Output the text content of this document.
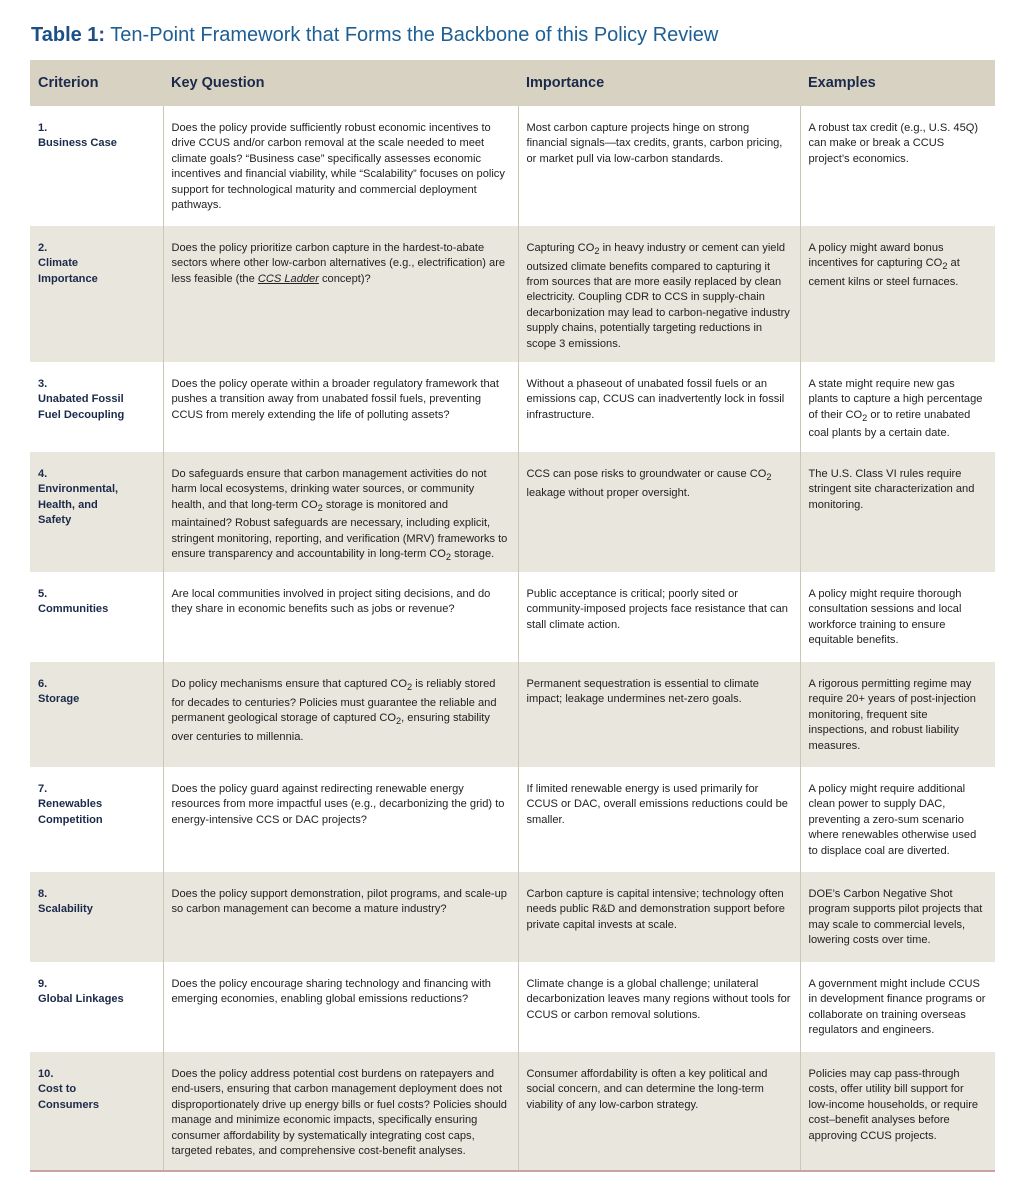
Table 1: Ten-Point Framework that Forms the Backbone of this Policy Review
Criterion	Key Question	Importance	Examples
1.Business Case	Does the policy provide sufficiently robust economic incentives to drive CCUS and/or carbon removal at the scale needed to meet climate goals? “Business case” specifically assesses economic incentives and financial viability, while “Scalability” focuses on policy support for technological maturity and commercial deployment pathways.	Most carbon capture projects hinge on strong financial signals—tax credits, grants, carbon pricing, or market pull via low-carbon standards.	A robust tax credit (e.g., U.S. 45Q) can make or break a CCUS project’s economics.
2.Climate Importance	Does the policy prioritize carbon capture in the hardest-to-abate sectors where other low-carbon alternatives (e.g., electrification) are less feasible (the CCS Ladder concept)?	Capturing $CO_2$ in heavy industry or cement can yield outsized climate benefits compared to capturing it from sources that are more easily replaced by clean electricity. Coupling CDR to CCS in supply-chain decarbonization may lead to carbon-negative industry supply chains, potentially targeting reductions in scope 3 emissions.	A policy might award bonus incentives for capturing $CO_2$ at cement kilns or steel furnaces.
3.Unabated Fossil Fuel Decoupling	Does the policy operate within a broader regulatory framework that pushes a transition away from unabated fossil fuels, preventing CCUS from merely extending the life of polluting assets?	Without a phaseout of unabated fossil fuels or an emissions cap, CCUS can inadvertently lock in fossil infrastructure.	A state might require new gas plants to capture a high percentage of their $CO_2$ or to retire unabated coal plants by a certain date.
4.Environmental, Health, and Safety	Do safeguards ensure that carbon management activities do not harm local ecosystems, drinking water sources, or community health, and that long-term $CO_2$ storage is monitored and maintained? Robust safeguards are necessary, including explicit, stringent monitoring, reporting, and verification (MRV) frameworks to ensure transparency and accountability in long-term $CO_2$ storage.	CCS can pose risks to groundwater or cause $CO_2$ leakage without proper oversight.	The U.S. Class VI rules require stringent site characterization and monitoring.
5.Communities	Are local communities involved in project siting decisions, and do they share in economic benefits such as jobs or revenue?	Public acceptance is critical; poorly sited or community-imposed projects face resistance that can stall climate action.	A policy might require thorough consultation sessions and local workforce training to ensure equitable benefits.
6.Storage	Do policy mechanisms ensure that captured $CO_2$ is reliably stored for decades to centuries? Policies must guarantee the reliable and permanent geological storage of captured $CO_2$, ensuring stability over centuries to millennia.	Permanent sequestration is essential to climate impact; leakage undermines net-zero goals.	A rigorous permitting regime may require 20+ years of post-injection monitoring, frequent site inspections, and robust liability measures.
7.Renewables Competition	Does the policy guard against redirecting renewable energy resources from more impactful uses (e.g., decarbonizing the grid) to energy-intensive CCS or DAC projects?	If limited renewable energy is used primarily for CCUS or DAC, overall emissions reductions could be smaller.	A policy might require additional clean power to supply DAC, preventing a zero-sum scenario where renewables otherwise used to displace coal are diverted.
8.Scalability	Does the policy support demonstration, pilot programs, and scale-up so carbon management can become a mature industry?	Carbon capture is capital intensive; technology often needs public R&D and demonstration support before private capital invests at scale.	DOE’s Carbon Negative Shot program supports pilot projects that may scale to commercial levels, lowering costs over time.
9.Global Linkages	Does the policy encourage sharing technology and financing with emerging economies, enabling global emissions reductions?	Climate change is a global challenge; unilateral decarbonization leaves many regions without tools for CCUS or carbon removal solutions.	A government might include CCUS in development finance programs or collaborate on training overseas regulators and engineers.
10.Cost to Consumers	Does the policy address potential cost burdens on ratepayers and end-users, ensuring that carbon management deployment does not disproportionately drive up energy bills or fuel costs? Policies should manage and minimize economic impacts, specifically ensuring consumer affordability by systematically integrating cost caps, targeted rebates, and comprehensive cost-benefit analyses.	Consumer affordability is often a key political and social concern, and can determine the long-term viability of any low-carbon strategy.	Policies may cap pass-through costs, offer utility bill support for low-income households, or require cost–benefit analyses before approving CCUS projects.
